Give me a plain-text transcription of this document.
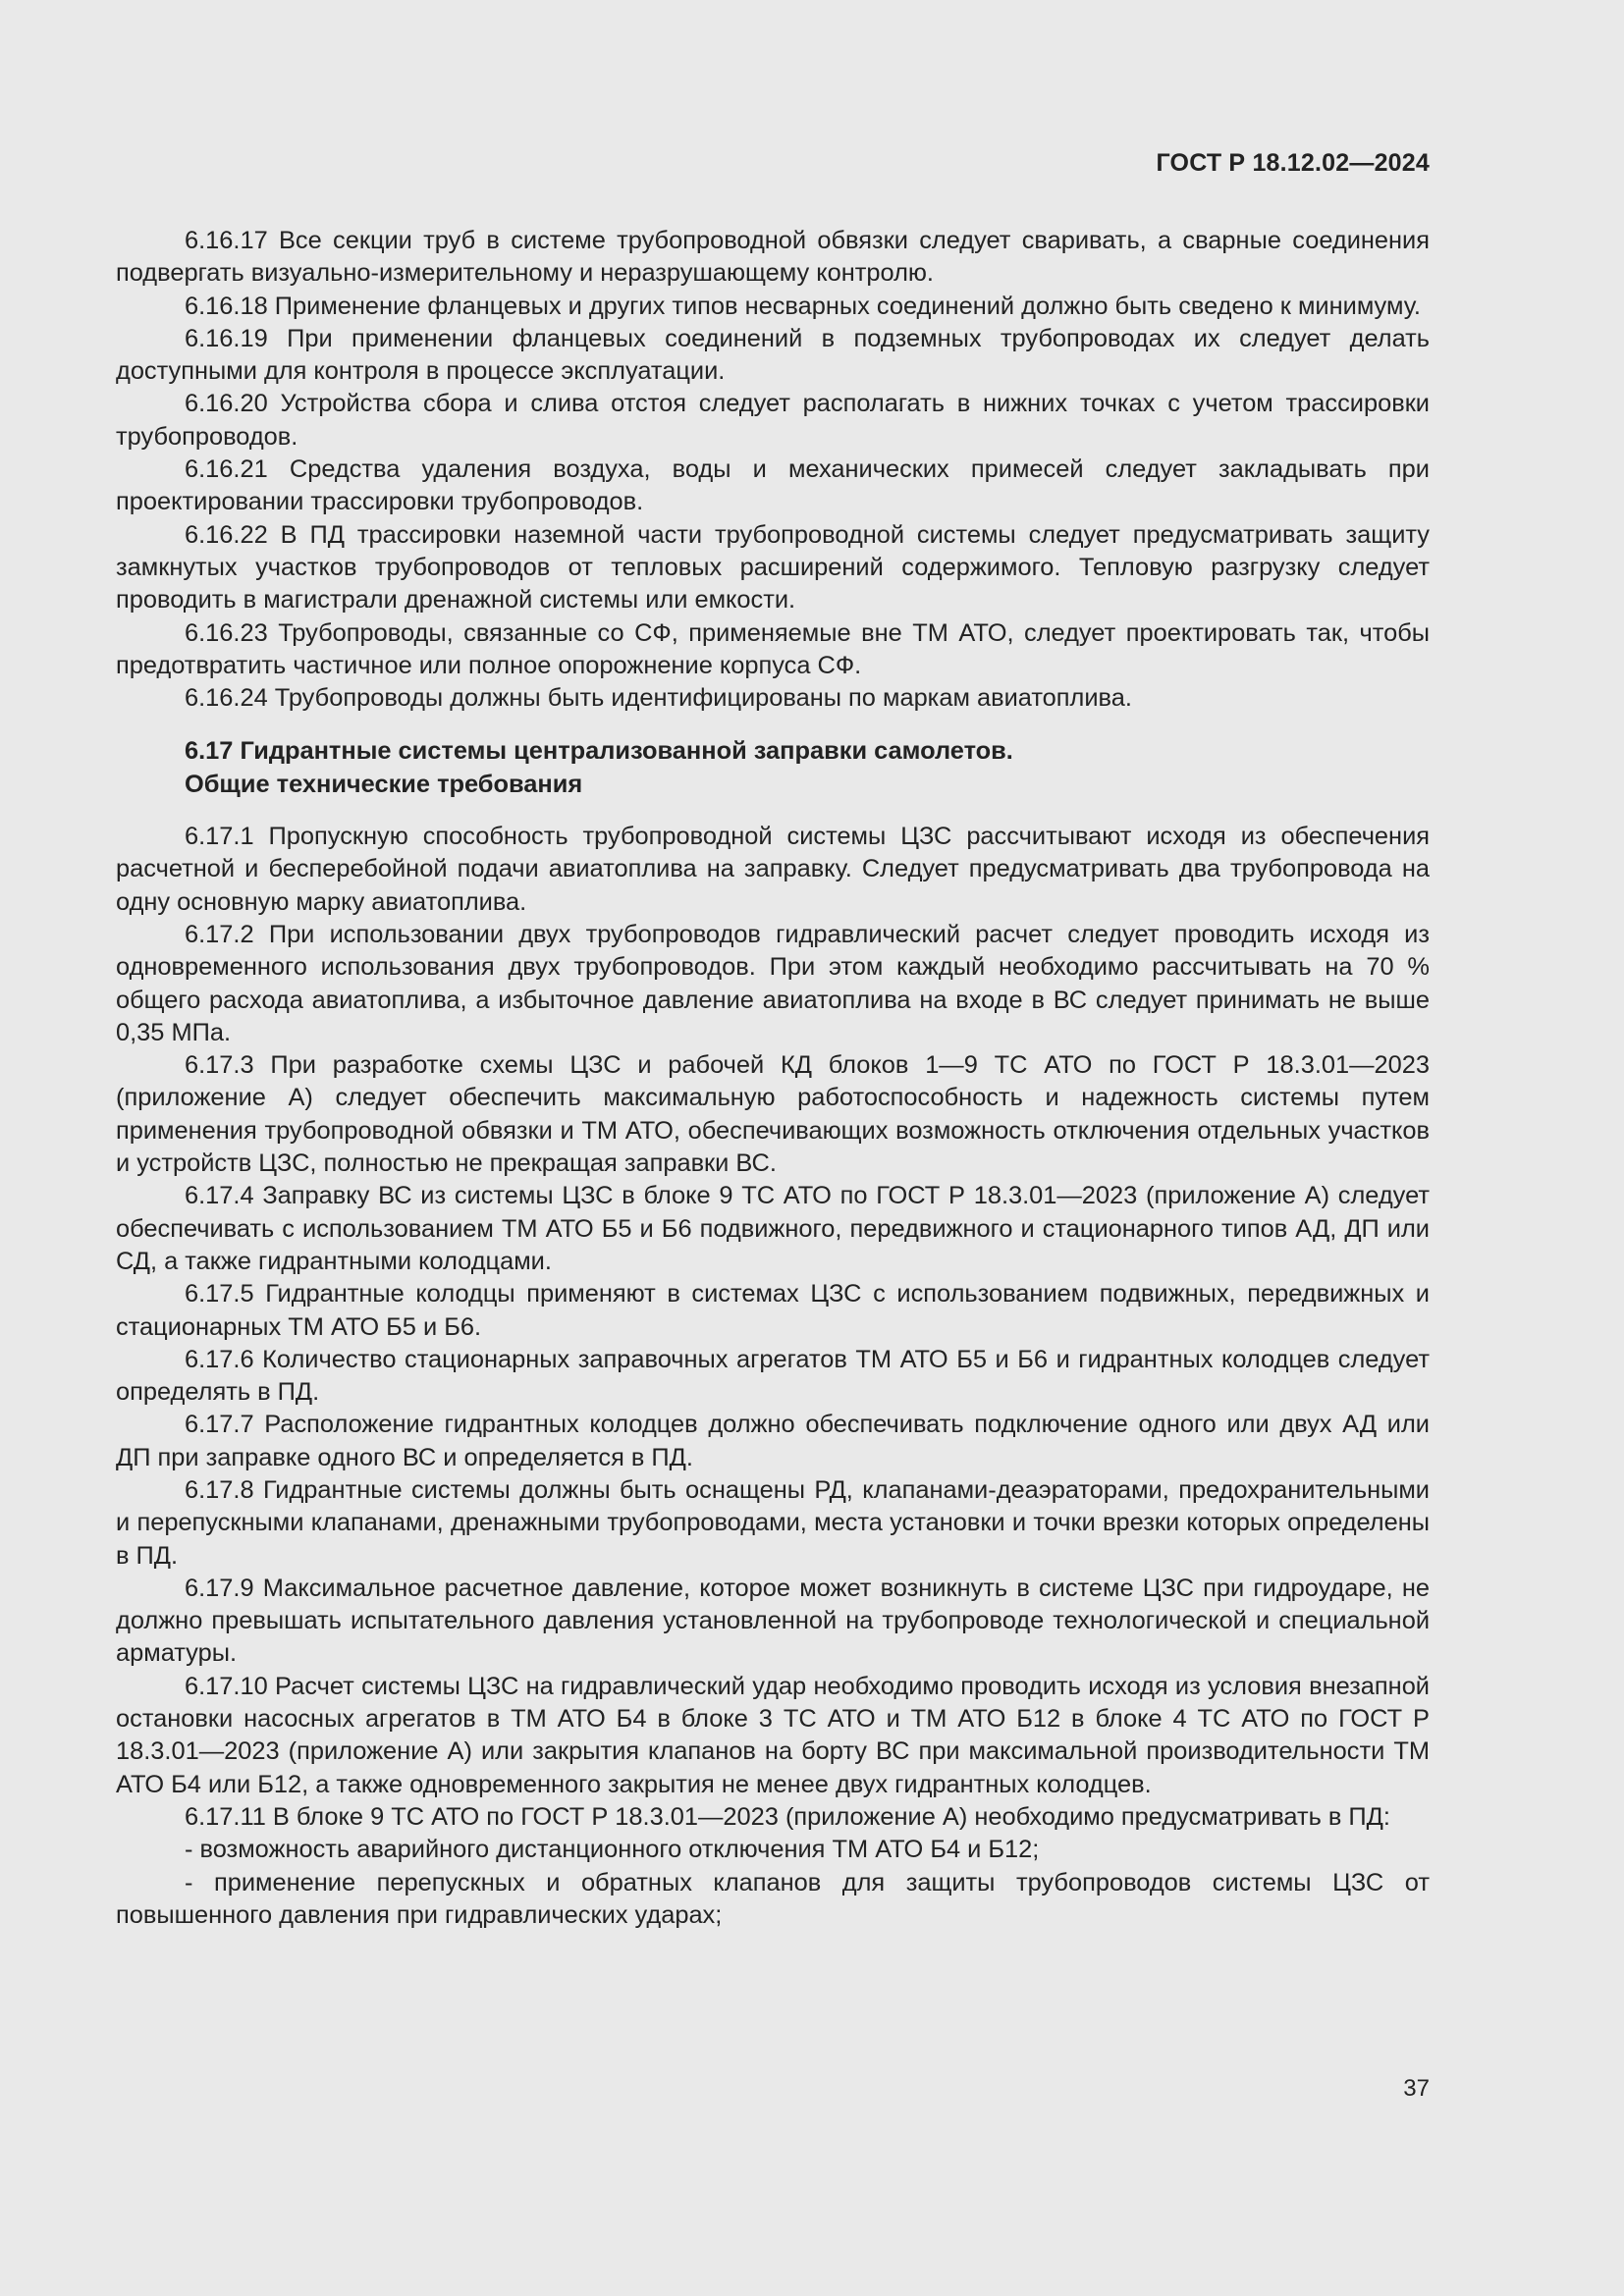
ГОСТ Р 18.12.02—2024

6.16.17 Все секции труб в системе трубопроводной обвязки следует сваривать, а сварные соединения подвергать визуально-измерительному и неразрушающему контролю.

6.16.18 Применение фланцевых и других типов несварных соединений должно быть сведено к минимуму.

6.16.19 При применении фланцевых соединений в подземных трубопроводах их следует делать доступными для контроля в процессе эксплуатации.

6.16.20 Устройства сбора и слива отстоя следует располагать в нижних точках с учетом трассировки трубопроводов.

6.16.21 Средства удаления воздуха, воды и механических примесей следует закладывать при проектировании трассировки трубопроводов.

6.16.22 В ПД трассировки наземной части трубопроводной системы следует предусматривать защиту замкнутых участков трубопроводов от тепловых расширений содержимого. Тепловую разгрузку следует проводить в магистрали дренажной системы или емкости.

6.16.23 Трубопроводы, связанные со СФ, применяемые вне ТМ АТО, следует проектировать так, чтобы предотвратить частичное или полное опорожнение корпуса СФ.

6.16.24 Трубопроводы должны быть идентифицированы по маркам авиатоплива.

6.17 Гидрантные системы централизованной заправки самолетов.
Общие технические требования

6.17.1 Пропускную способность трубопроводной системы ЦЗС рассчитывают исходя из обеспечения расчетной и бесперебойной подачи авиатоплива на заправку. Следует предусматривать два трубопровода на одну основную марку авиатоплива.

6.17.2 При использовании двух трубопроводов гидравлический расчет следует проводить исходя из одновременного использования двух трубопроводов. При этом каждый необходимо рассчитывать на 70 % общего расхода авиатоплива, а избыточное давление авиатоплива на входе в ВС следует принимать не выше 0,35 МПа.

6.17.3 При разработке схемы ЦЗС и рабочей КД блоков 1—9 ТС АТО по ГОСТ Р 18.3.01—2023 (приложение А) следует обеспечить максимальную работоспособность и надежность системы путем применения трубопроводной обвязки и ТМ АТО, обеспечивающих возможность отключения отдельных участков и устройств ЦЗС, полностью не прекращая заправки ВС.

6.17.4 Заправку ВС из системы ЦЗС в блоке 9 ТС АТО по ГОСТ Р 18.3.01—2023 (приложение А) следует обеспечивать с использованием ТМ АТО Б5 и Б6 подвижного, передвижного и стационарного типов АД, ДП или СД, а также гидрантными колодцами.

6.17.5 Гидрантные колодцы применяют в системах ЦЗС с использованием подвижных, передвижных и стационарных ТМ АТО Б5 и Б6.

6.17.6 Количество стационарных заправочных агрегатов ТМ АТО Б5 и Б6 и гидрантных колодцев следует определять в ПД.

6.17.7 Расположение гидрантных колодцев должно обеспечивать подключение одного или двух АД или ДП при заправке одного ВС и определяется в ПД.

6.17.8 Гидрантные системы должны быть оснащены РД, клапанами-деаэраторами, предохранительными и перепускными клапанами, дренажными трубопроводами, места установки и точки врезки которых определены в ПД.

6.17.9 Максимальное расчетное давление, которое может возникнуть в системе ЦЗС при гидроударе, не должно превышать испытательного давления установленной на трубопроводе технологической и специальной арматуры.

6.17.10 Расчет системы ЦЗС на гидравлический удар необходимо проводить исходя из условия внезапной остановки насосных агрегатов в ТМ АТО Б4 в блоке 3 ТС АТО и ТМ АТО Б12 в блоке 4 ТС АТО по ГОСТ Р 18.3.01—2023 (приложение А) или закрытия клапанов на борту ВС при максимальной производительности ТМ АТО Б4 или Б12, а также одновременного закрытия не менее двух гидрантных колодцев.

6.17.11 В блоке 9 ТС АТО по ГОСТ Р 18.3.01—2023 (приложение А) необходимо предусматривать в ПД:

- возможность аварийного дистанционного отключения ТМ АТО Б4 и Б12;

- применение перепускных и обратных клапанов для защиты трубопроводов системы ЦЗС от повышенного давления при гидравлических ударах;

37
